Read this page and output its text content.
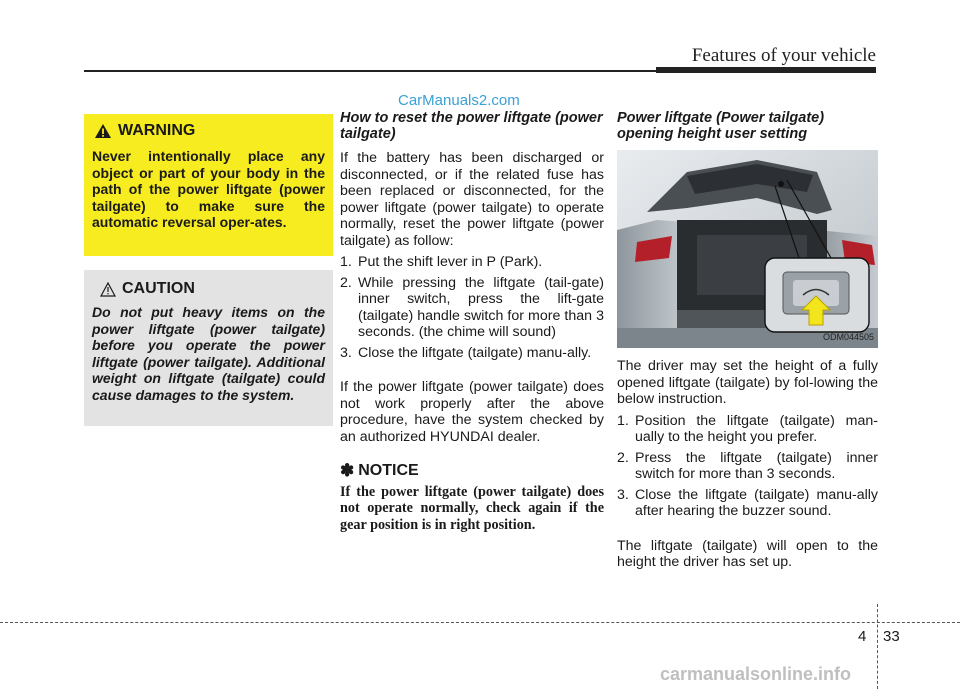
Features of your vehicle
CarManuals2.com
WARNING
Never intentionally place any object or part of your body in the path of the power liftgate (power tailgate) to make sure the automatic reversal oper-ates.
CAUTION
Do not put heavy items on the power liftgate (power tailgate) before you operate the power liftgate (power tailgate). Additional weight on liftgate (tailgate) could cause damages to the system.
How to reset the power liftgate (power tailgate)
If the battery has been discharged or disconnected, or if the related fuse has been replaced or disconnected, for the power liftgate (power tailgate) to operate normally, reset the power liftgate (power tailgate) as follow:
1. Put the shift lever in P (Park).
2. While pressing the liftgate (tail-gate) inner switch, press the lift-gate (tailgate) handle switch for more than 3 seconds. (the chime will sound)
3. Close the liftgate (tailgate) manu-ally.
If the power liftgate (power tailgate) does not work properly after the above procedure, have the system checked by an authorized HYUNDAI dealer.
✽ NOTICE
If the power liftgate (power tailgate) does not operate normally, check again if the gear position is in right position.
Power liftgate (Power tailgate) opening height user setting
ODM044505
The driver may set the height of a fully opened liftgate (tailgate) by fol-lowing the below instruction.
1. Position the liftgate (tailgate) man-ually to the height you prefer.
2. Press the liftgate (tailgate) inner switch for more than 3 seconds.
3. Close the liftgate (tailgate) manu-ally after hearing the buzzer sound.
The liftgate (tailgate) will open to the height the driver has set up.
4 33
carmanualsonline.info
